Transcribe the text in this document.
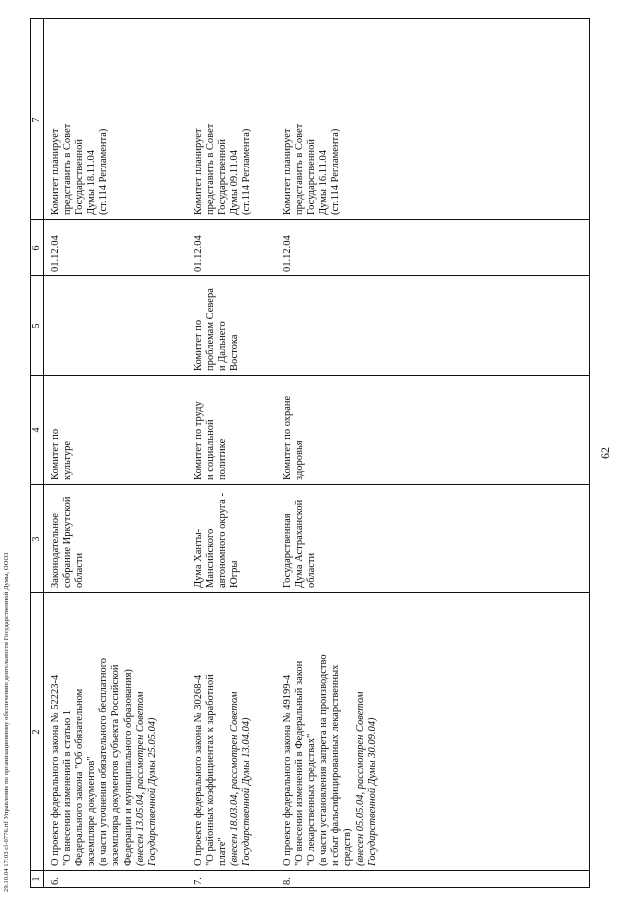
62
29.10.04 17:03 сl-0776.rtf Управление по организационному обеспечению деятельности Государственной Думы, ООО3 1
2
3
4
5
6
7
6.
О проекте федерального закона № 52223-4 "О внесении изменений в статью 1 Федерального закона "Об обязательном экземпляре документов" (в части уточнения обязательного бесплатного экземпляра документов субъекта Российской Федерации и муниципального образования) (внесен 13.05.04, рассмотрен Советом Государственной Думы 25.05.04)
Законодательное собрание Иркутской области
Комитет по культуре
01.12.04
Комитет планирует представить в Совет Государственной Думы 18.11.04 (ст.114 Регламента)
7.
О проекте федерального закона № 30268-4 "О районных коэффициентах к заработной плате" (внесен 18.03.04, рассмотрен Советом Государственной Думы 13.04.04)
Дума Ханты- Мансийского автономного округа - Югры
Комитет по труду и социальной политике
Комитет по проблемам Севера и Дальнего Востока
01.12.04
Комитет планирует представить в Совет Государственной Думы 09.11.04 (ст.114 Регламента)
8.
О проекте федерального закона № 49199-4 "О внесении изменений в Федеральный закон "О лекарственных средствах" (в части установления запрета на производство и сбыт фальсифицированных лекарственных средств) (внесен 05.05.04, рассмотрен Советом Государственной Думы 30.09.04)
Государственная Дума Астраханской области
Комитет по охране здоровья
01.12.04
Комитет планирует представить в Совет Государственной Думы 16.11.04 (ст.114 Регламента)
